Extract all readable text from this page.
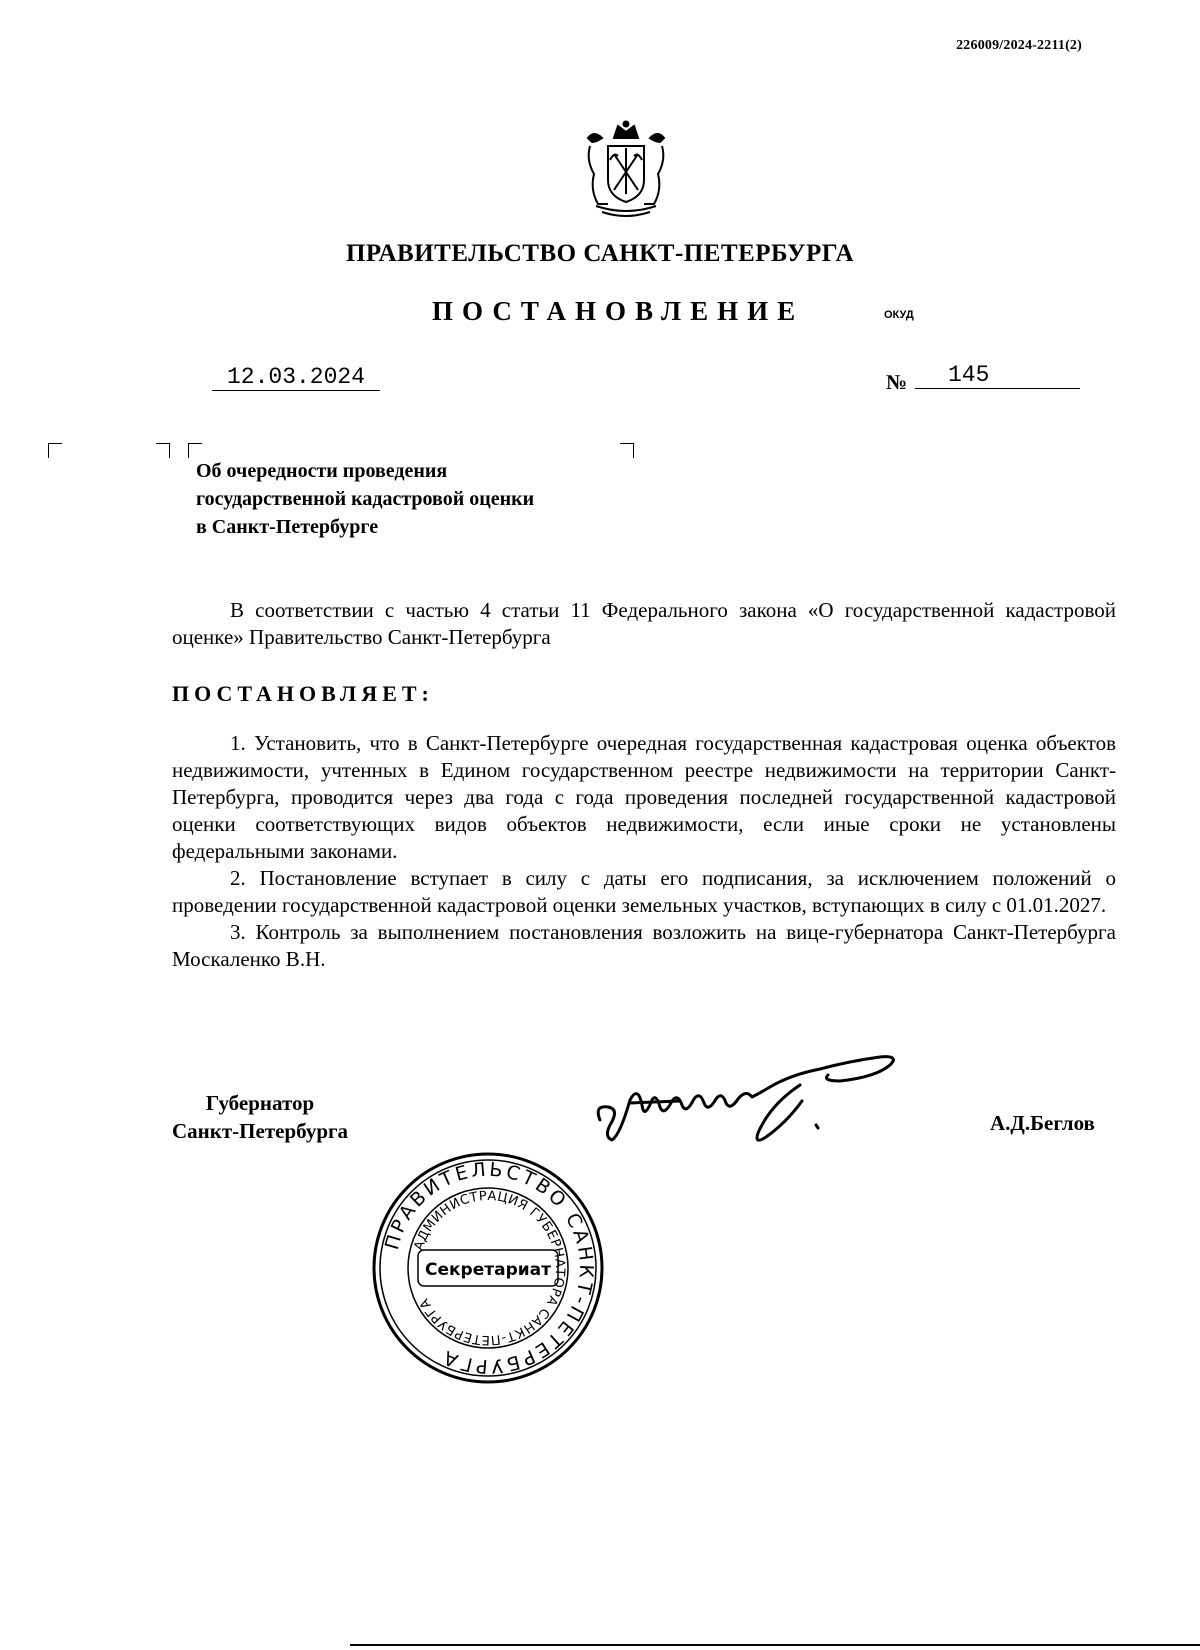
226009/2024-2211(2)
ПРАВИТЕЛЬСТВО САНКТ-ПЕТЕРБУРГА
ПОСТАНОВЛЕНИЕ	ОКУД
12.03.2024	№	145
Об очередности проведения
государственной кадастровой оценки
в Санкт-Петербурге
В соответствии с частью 4 статьи 11 Федерального закона «О государственной кадастровой оценке» Правительство Санкт-Петербурга
ПОСТАНОВЛЯЕТ:

1. Установить, что в Санкт-Петербурге очередная государственная кадастровая оценка объектов недвижимости, учтенных в Едином государственном реестре недвижимости на территории Санкт-Петербурга, проводится через два года с года проведения последней государственной кадастровой оценки соответствующих видов объектов недвижимости, если иные сроки не установлены федеральными законами.

2. Постановление вступает в силу с даты его подписания, за исключением положений о проведении государственной кадастровой оценки земельных участков, вступающих в силу с 01.01.2027.

3. Контроль за выполнением постановления возложить на вице-губернатора Санкт-Петербурга Москаленко В.Н.

Губернатор
Санкт-Петербурга	А.Д.Беглов
ПРАВИТЕЛЬСТВО САНКТ-ПЕТЕРБУРГА
АДМИНИСТРАЦИЯ ГУБЕРНАТОРА САНКТ-ПЕТЕРБУРГА
Секретариат
